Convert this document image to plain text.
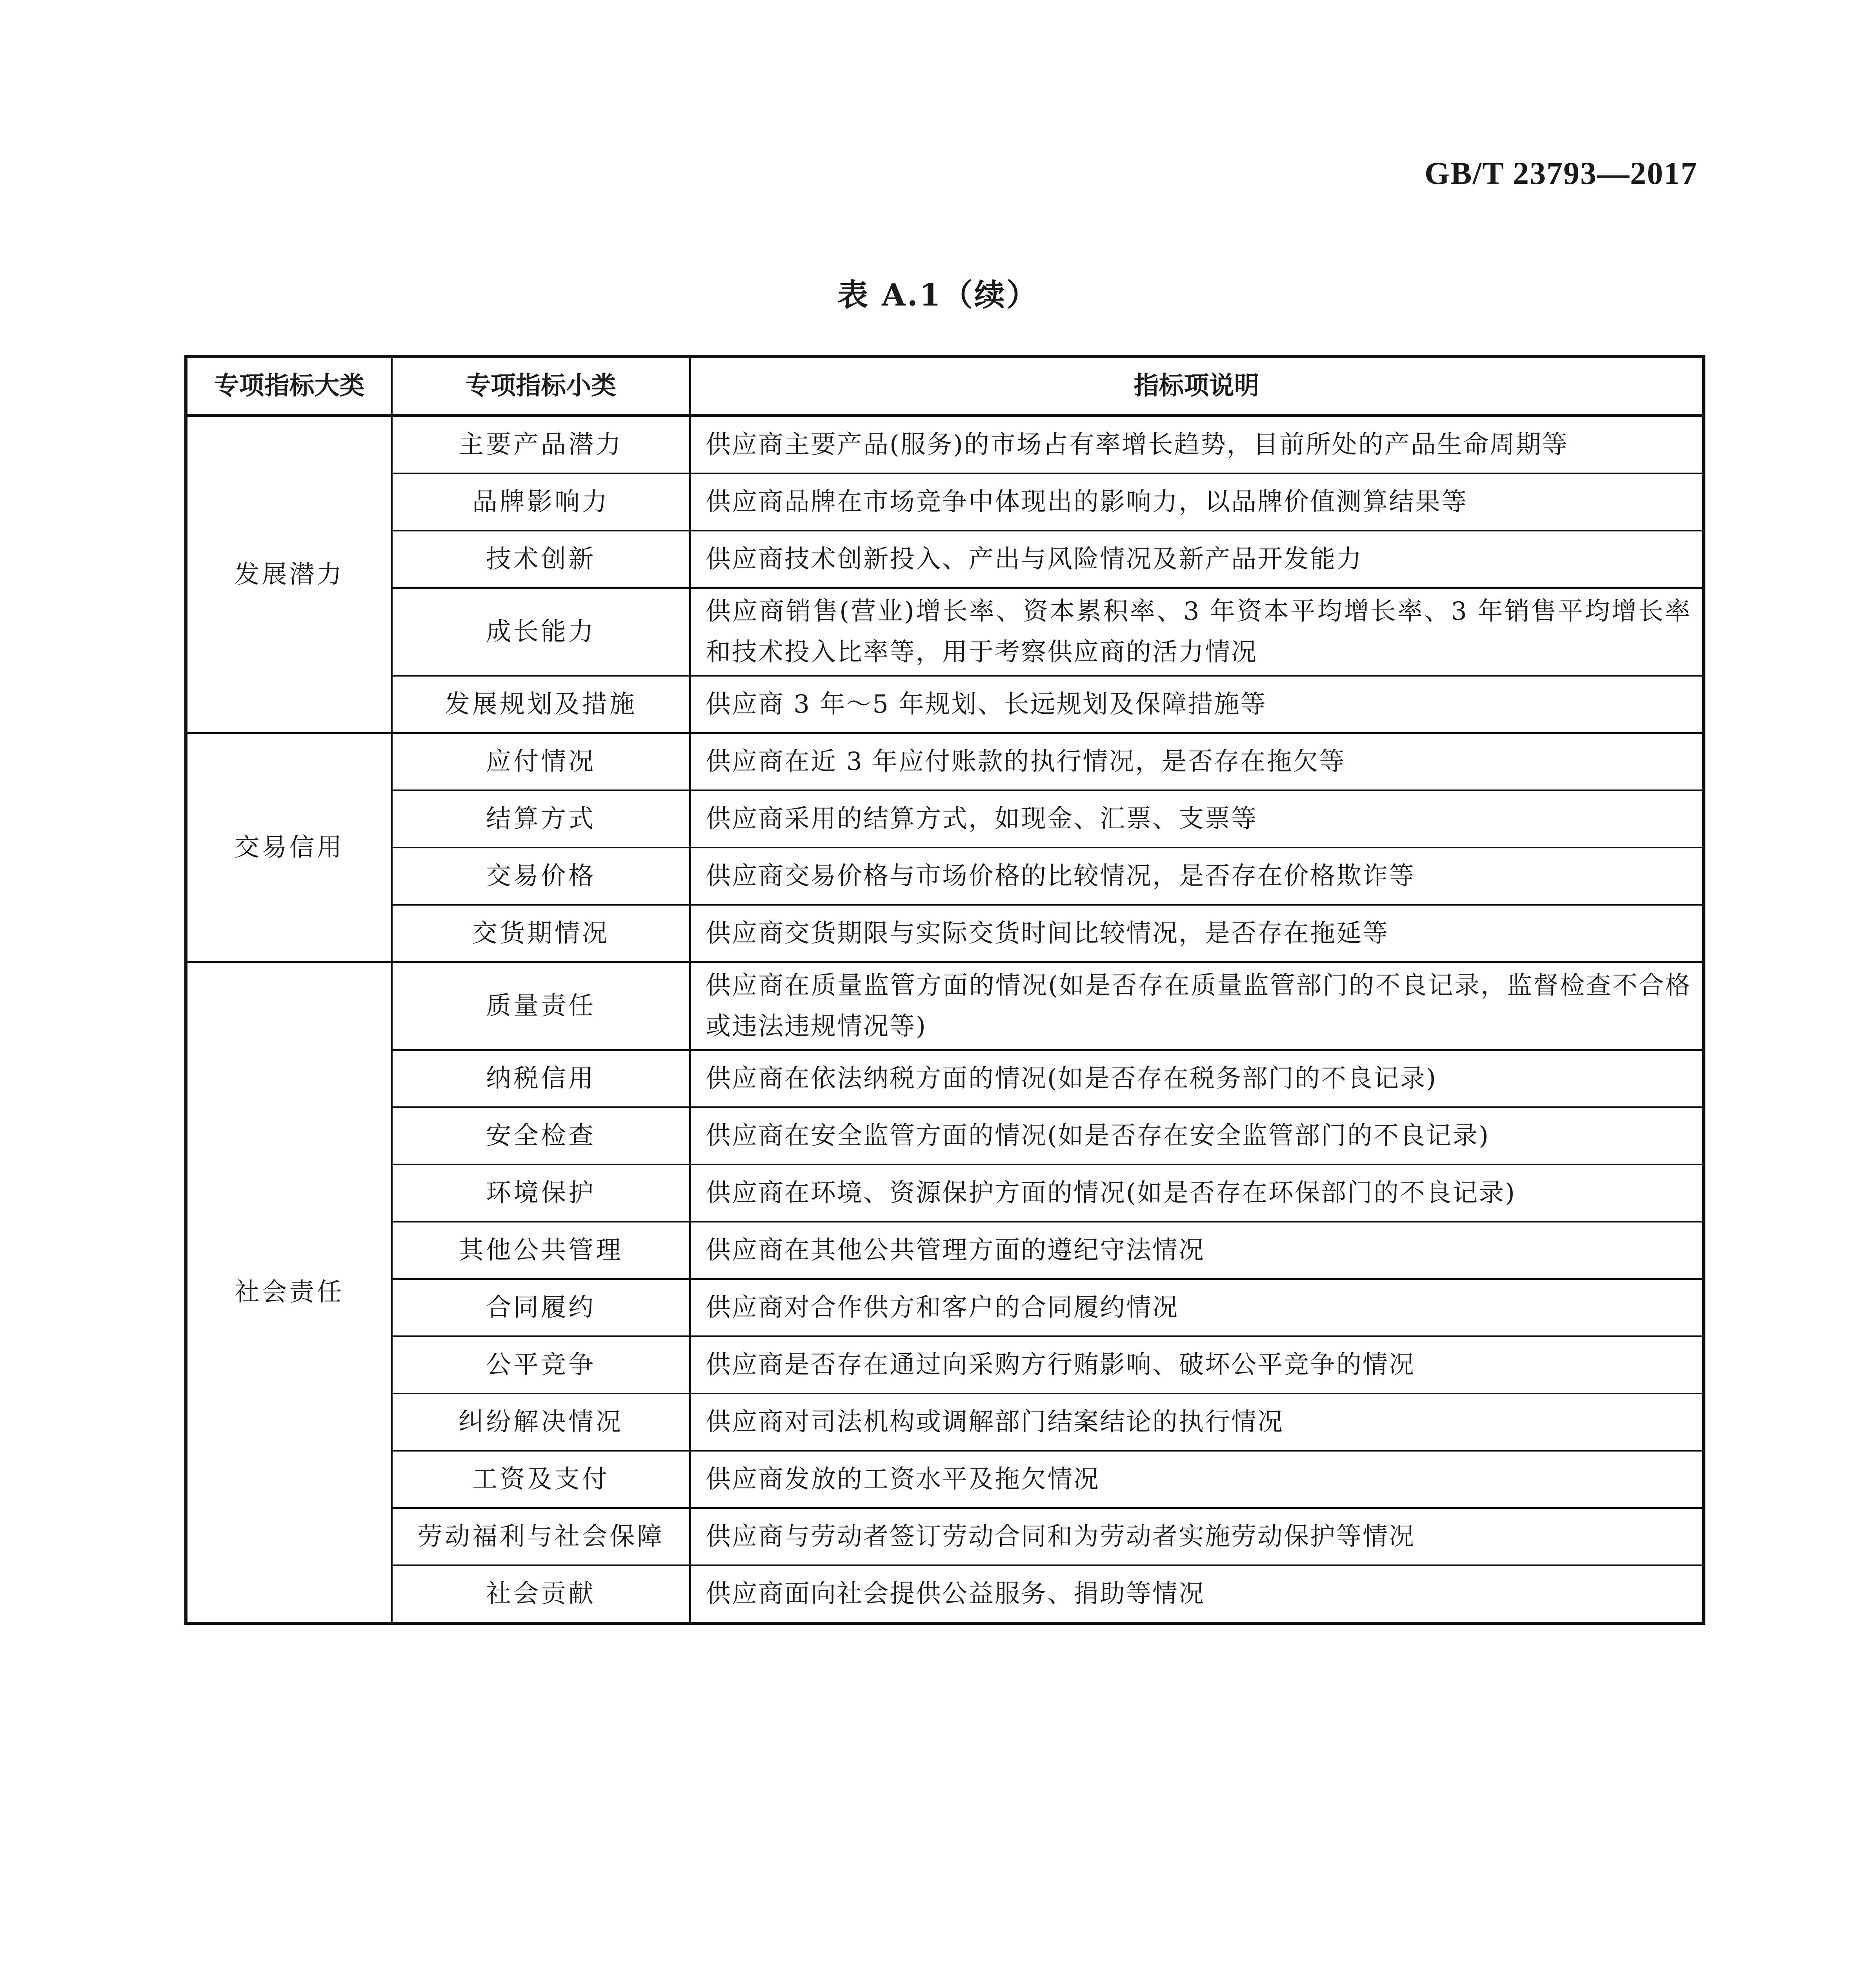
GB/T 23793—2017
表 A.1（续）
专项指标大类	专项指标小类	指标项说明
发展潜力	主要产品潜力	供应商主要产品(服务)的市场占有率增长趋势，目前所处的产品生命周期等
	品牌影响力	供应商品牌在市场竞争中体现出的影响力，以品牌价值测算结果等
	技术创新	供应商技术创新投入、产出与风险情况及新产品开发能力
	成长能力	供应商销售(营业)增长率、资本累积率、3 年资本平均增长率、3 年销售平均增长率和技术投入比率等，用于考察供应商的活力情况
	发展规划及措施	供应商 3 年～5 年规划、长远规划及保障措施等
交易信用	应付情况	供应商在近 3 年应付账款的执行情况，是否存在拖欠等
	结算方式	供应商采用的结算方式，如现金、汇票、支票等
	交易价格	供应商交易价格与市场价格的比较情况，是否存在价格欺诈等
	交货期情况	供应商交货期限与实际交货时间比较情况，是否存在拖延等
社会责任	质量责任	供应商在质量监管方面的情况(如是否存在质量监管部门的不良记录，监督检查不合格或违法违规情况等)
	纳税信用	供应商在依法纳税方面的情况(如是否存在税务部门的不良记录)
	安全检查	供应商在安全监管方面的情况(如是否存在安全监管部门的不良记录)
	环境保护	供应商在环境、资源保护方面的情况(如是否存在环保部门的不良记录)
	其他公共管理	供应商在其他公共管理方面的遵纪守法情况
	合同履约	供应商对合作供方和客户的合同履约情况
	公平竞争	供应商是否存在通过向采购方行贿影响、破坏公平竞争的情况
	纠纷解决情况	供应商对司法机构或调解部门结案结论的执行情况
	工资及支付	供应商发放的工资水平及拖欠情况
	劳动福利与社会保障	供应商与劳动者签订劳动合同和为劳动者实施劳动保护等情况
	社会贡献	供应商面向社会提供公益服务、捐助等情况
